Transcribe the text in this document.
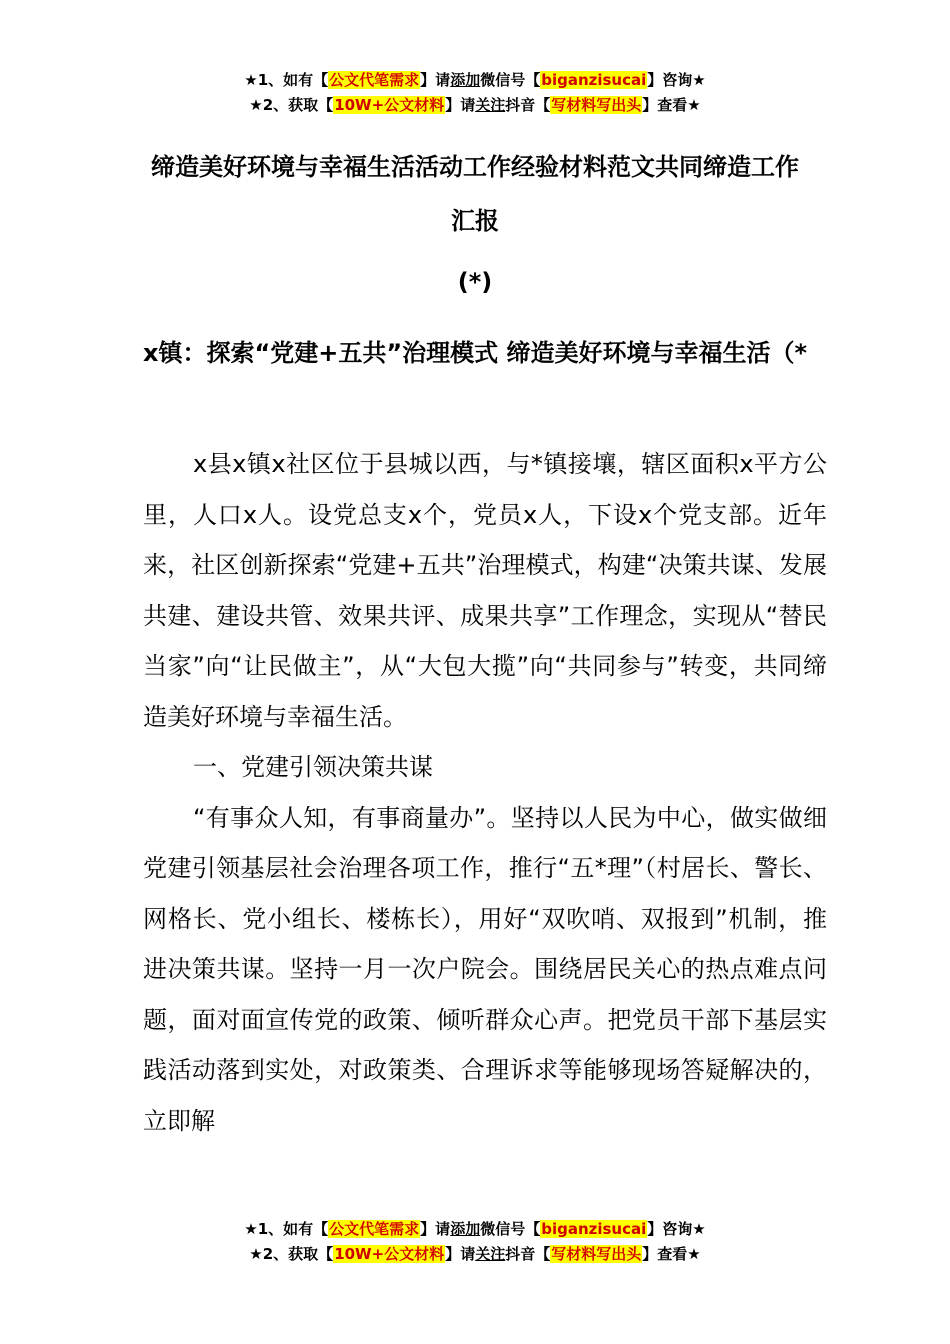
★1、如有【公文代笔需求】请添加微信号【biganzisucai】咨询★
★2、获取【10W+公文材料】请关注抖音【写材料写出头】查看★
缔造美好环境与幸福生活活动工作经验材料范文共同缔造工作汇报
(*)
x镇：探索“党建+五共”治理模式 缔造美好环境与幸福生活（*

x县x镇x社区位于县城以西，与*镇接壤，辖区面积x平方公里，人口x人。设党总支x个，党员x人，下设x个党支部。近年来，社区创新探索“党建+五共”治理模式，构建“决策共谋、发展共建、建设共管、效果共评、成果共享”工作理念，实现从“替民当家”向“让民做主”，从“大包大揽”向“共同参与”转变，共同缔造美好环境与幸福生活。

一、党建引领决策共谋

“有事众人知，有事商量办”。坚持以人民为中心，做实做细党建引领基层社会治理各项工作，推行“五*理”（村居长、警长、网格长、党小组长、楼栋长），用好“双吹哨、双报到”机制，推进决策共谋。坚持一月一次户院会。围绕居民关心的热点难点问题，面对面宣传党的政策、倾听群众心声。把党员干部下基层实践活动落到实处，对政策类、合理诉求等能够现场答疑解决的，立即解

★1、如有【公文代笔需求】请添加微信号【biganzisucai】咨询★
★2、获取【10W+公文材料】请关注抖音【写材料写出头】查看★
